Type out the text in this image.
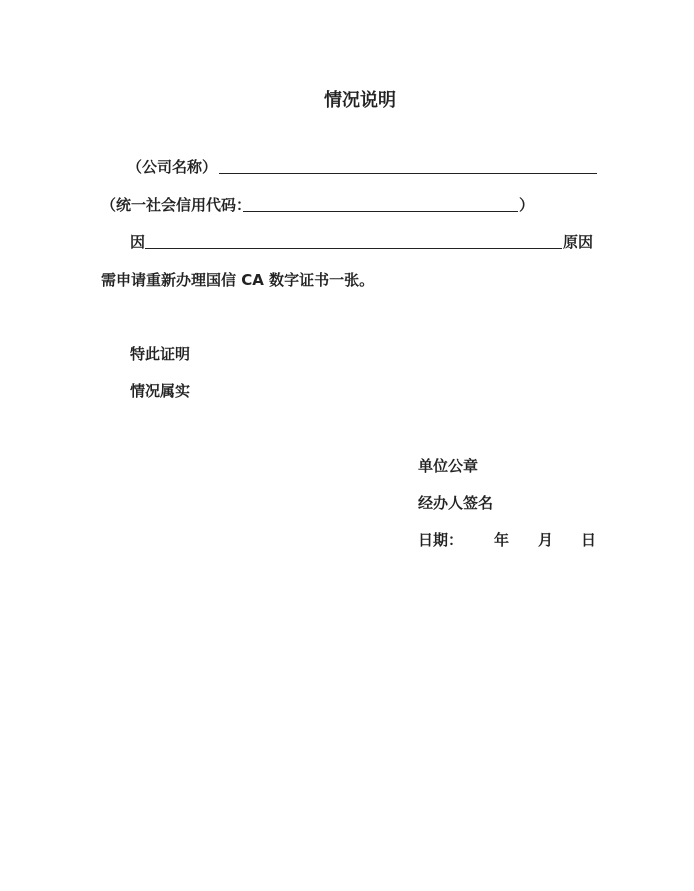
情况说明
（公司名称）
（统一社会信用代码：	）
因	原因
需申请重新办理国信 CA 数字证书一张。
特此证明
情况属实
单位公章
经办人签名
日期： 年 月 日
